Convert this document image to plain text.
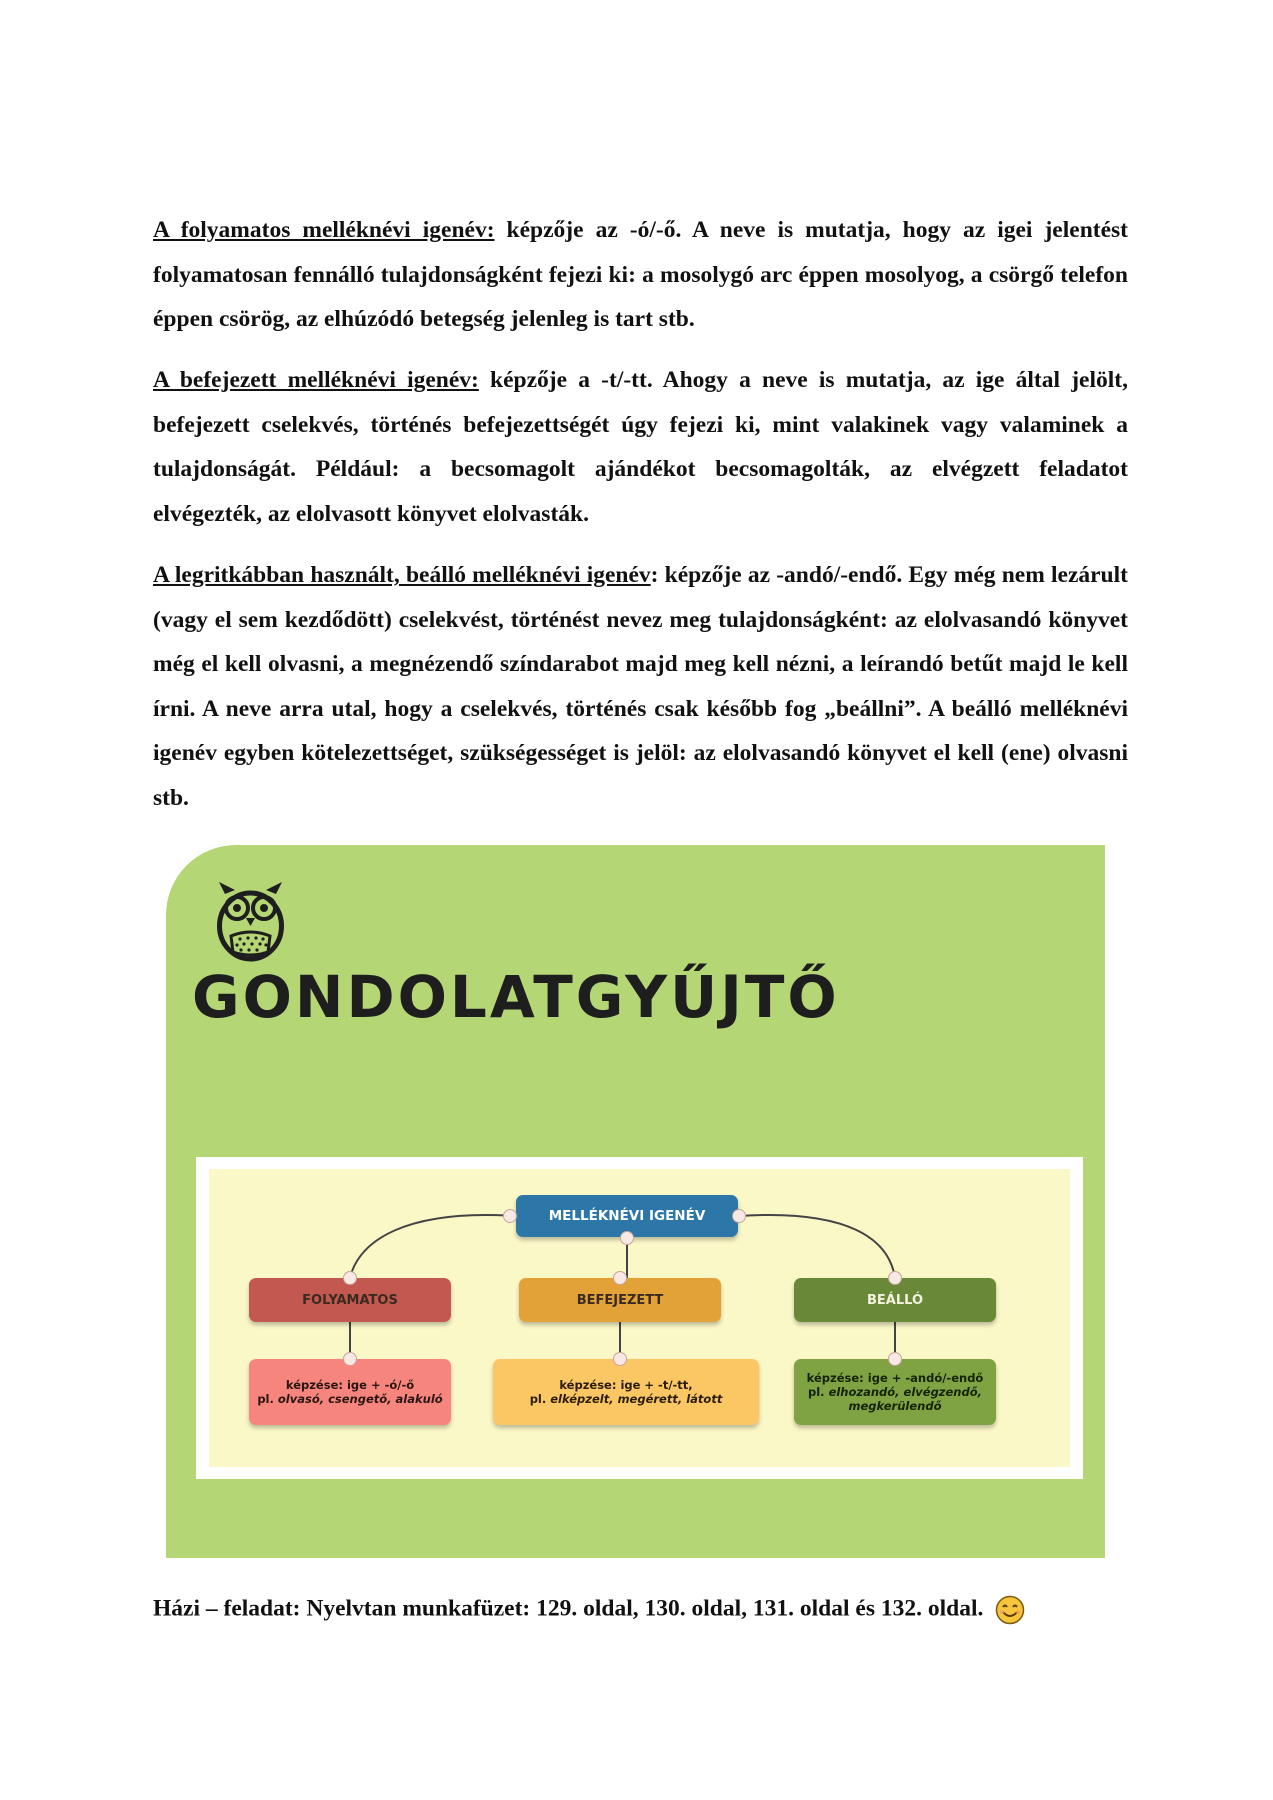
A folyamatos melléknévi igenév: képzője az -ó/-ő. A neve is mutatja, hogy az igei jelentést folyamatosan fennálló tulajdonságként fejezi ki: a mosolygó arc éppen mosolyog, a csörgő telefon éppen csörög, az elhúzódó betegség jelenleg is tart stb.
A befejezett melléknévi igenév: képzője a -t/-tt. Ahogy a neve is mutatja, az ige által jelölt, befejezett cselekvés, történés befejezettségét úgy fejezi ki, mint valakinek vagy valaminek a tulajdonságát. Például: a becsomagolt ajándékot becsomagolták, az elvégzett feladatot elvégezték, az elolvasott könyvet elolvasták.
A legritkábban használt, beálló melléknévi igenév: képzője az -andó/-endő. Egy még nem lezárult (vagy el sem kezdődött) cselekvést, történést nevez meg tulajdonságként: az elolvasandó könyvet még el kell olvasni, a megnézendő színdarabot majd meg kell nézni, a leírandó betűt majd le kell írni. A neve arra utal, hogy a cselekvés, történés csak később fog „beállni”. A beálló melléknévi igenév egyben kötelezettséget, szükségességet is jelöl: az elolvasandó könyvet el kell (ene) olvasni stb.
GONDOLATGYŰJTŐ
MELLÉKNÉVI IGENÉV
FOLYAMATOS	BEFEJEZETT	BEÁLLÓ
képzése: ige + -ó/-ő
pl. olvasó, csengető, alakuló
képzése: ige + -t/-tt,
pl. elképzelt, megérett, látott
képzése: ige + -andó/-endő
pl. elhozandó, elvégzendő, megkerülendő
Házi – feladat: Nyelvtan munkafüzet: 129. oldal, 130. oldal, 131. oldal és 132. oldal.
